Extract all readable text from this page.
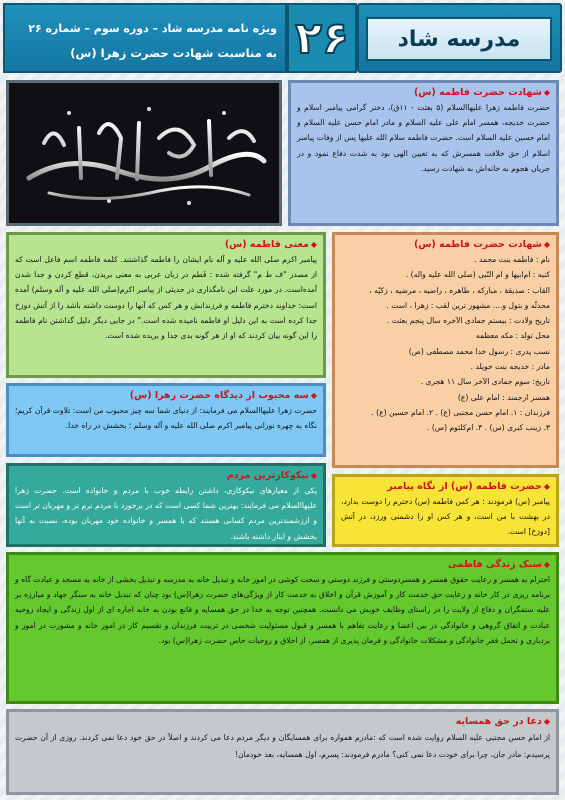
مدرسه شاد
۲۶
ویژه نامه مدرسه شاد – دوره سوم – شماره ۲۶
به مناسبت شهادت حضرت زهرا (س)
◆شهادت حضرت فاطمه (س)

حضرت فاطمه زهرا علیهاالسلام (۵ بعثت - ۱۱ق)، دختر گرامی پیامبر اسلام و حضرت خدیجه، همسر امام علی علیه السلام و مادر امام حسن علیه السلام و امام حسین علیه السلام است. حضرت فاطمه سلام الله علیها پس از وفات پیامبر اسلام از حق خلافت همسرش که به تعیین الهی بود به شدت دفاع نمود و در جریان هجوم به خانه‌اش به شهادت رسید.

◆معنی فاطمه (س)

پیامبر اکرم صلی الله علیه و آله نام ایشان را فاطمه گذاشتند. کلمه فاطمه اسم فاعل است که از مصدر "ف ط م" گرفته شده : فَطم در زبان عربی به معنی بریدن، قطع کردن و جدا شدن آمده‌است. در مورد علت این نامگذاری در حدیثی از پیامبر اکرم(صلی الله علیه و آله وسلم) آمده است: خداوند دخترم فاطمه و فرزندانش و هر کس که آنها را دوست داشته باشد را از آتش دوزخ جدا کرده است به این دلیل او فاطمه نامیده شده است." در جایی دیگر دلیل گذاشتن نام فاطمه را این گونه بیان کردند که او از هر گونه بدی جدا و بریده شده است.

◆شهادت حضرت فاطمه (س)
نام : فاطمه بنت محمد .
کنیه : ام‌ابیها و ام النّبی (صلی الله علیه واله) .
القاب : صدیقة ، مبارکه ، طاهره ، راضیه ، مرضیه ، زکیّه ،
محدثّه و بتول و.... مشهور ترین لقب : زهرا ، است .
تاریخ ولادت : بیستم جمادی الآخره سال پنجم بعثت .
محل تولد : مکه معظمه
نسب پدری : رسول خدا محمد مصطفی (ص)
مادر : خدیجه بنت خویلد .
تاریخ: سوم جمادی الآخر سال ۱۱ هجری .
همسر ارجمند : امام علی (ع)
فرزندان : ۱. امام حسن مجتبی (ع) . ۲. امام حسین (ع) .
۳. زینب کبری (س) . ۴. ام‌کلثوم (س) .
◆سه محبوب از دیدگاه حضرت زهرا (س)

حضرت زهرا علیهاالسلام می فرمایند: از دنیای شما سه چیز محبوب من است: تلاوت قرآن کریم؛ نگاه به چهره نورانی پیامبر اکرم صلی الله علیه و آله وسلم ؛ بخشش در راه خدا.

◆نیکوکارترین مردم

یکی از معیارهای نیکوکاری، داشتن رابطه خوب با مردم و خانواده است. حضرت زهرا علیهاالسلام می فرمایند: بهترین شما کسی است که در برخورد با مردم نرم تر و مهربان تر است و ارزشمندترین مردم کسانی هستند که با همسر و خانواده خود مهربان بوده، نسبت به آنها بخشش و ایثار داشته باشند.

◆حضرت فاطمه (س) از نگاه پیامبر

پیامبر (ص) فرمودند : هر کس فاطمه (س) دخترم را دوست بدارد، در بهشت با من است، و هر کس او را دشمنی ورزد، در آتش [دوزخ] است.

◆سبک زندگی فاطمی

احترام به همسر و رعایت حقوق همسر و همسردوستی و فرزند دوستی و سخت کوشی در امور خانه و تبدیل خانه به مدرسه و تبدیل بخشی از خانه به مسجد و عبادت گاه و برنامه ریزی در کار خانه و رعایت حق خدمت کار و آموزش قرآن و اخلاق به خدمت کار از ویژگی‌های حضرت زهرا(س) بود چنان که تبدیل خانه به سنگر جهاد و مبارزه بر علیه ستمگران و دفاع از ولایت را در راستای وظایف خویش می دانست. همچنین توجه به خدا در حق همسایه و قانع بودن به خانه اجاره ای از اول زندگی و ایجاد روحیه عبادت و اتفاق گروهی و خانوادگی در بین اعضا و رعایت تفاهم با همسر و قبول مسئولیت شخصی در تربیت فرزندان و تقسیم کار در امور خانه و مشورت در امور و بردباری و تحمل فقر خانوادگی و مشکلات خانوادگی و فرمان پذیری از همسر، از اخلاق و روحیات خاص حضرت زهرا(س) بود.

◆دعا در حق همسایه

از امام حسن مجتبی علیه السلام روایت شده است که :مادرم همواره برای همسایگان و دیگر مردم دعا می کردند و اصلاً در حق خود دعا نمی کردند. روزی از آن حضرت پرسیدم: مادر جان، چرا برای خودت دعا نمی کنی؟ مادرم فرمودند: پسرم، اول همسایه، بعد خودمان!
